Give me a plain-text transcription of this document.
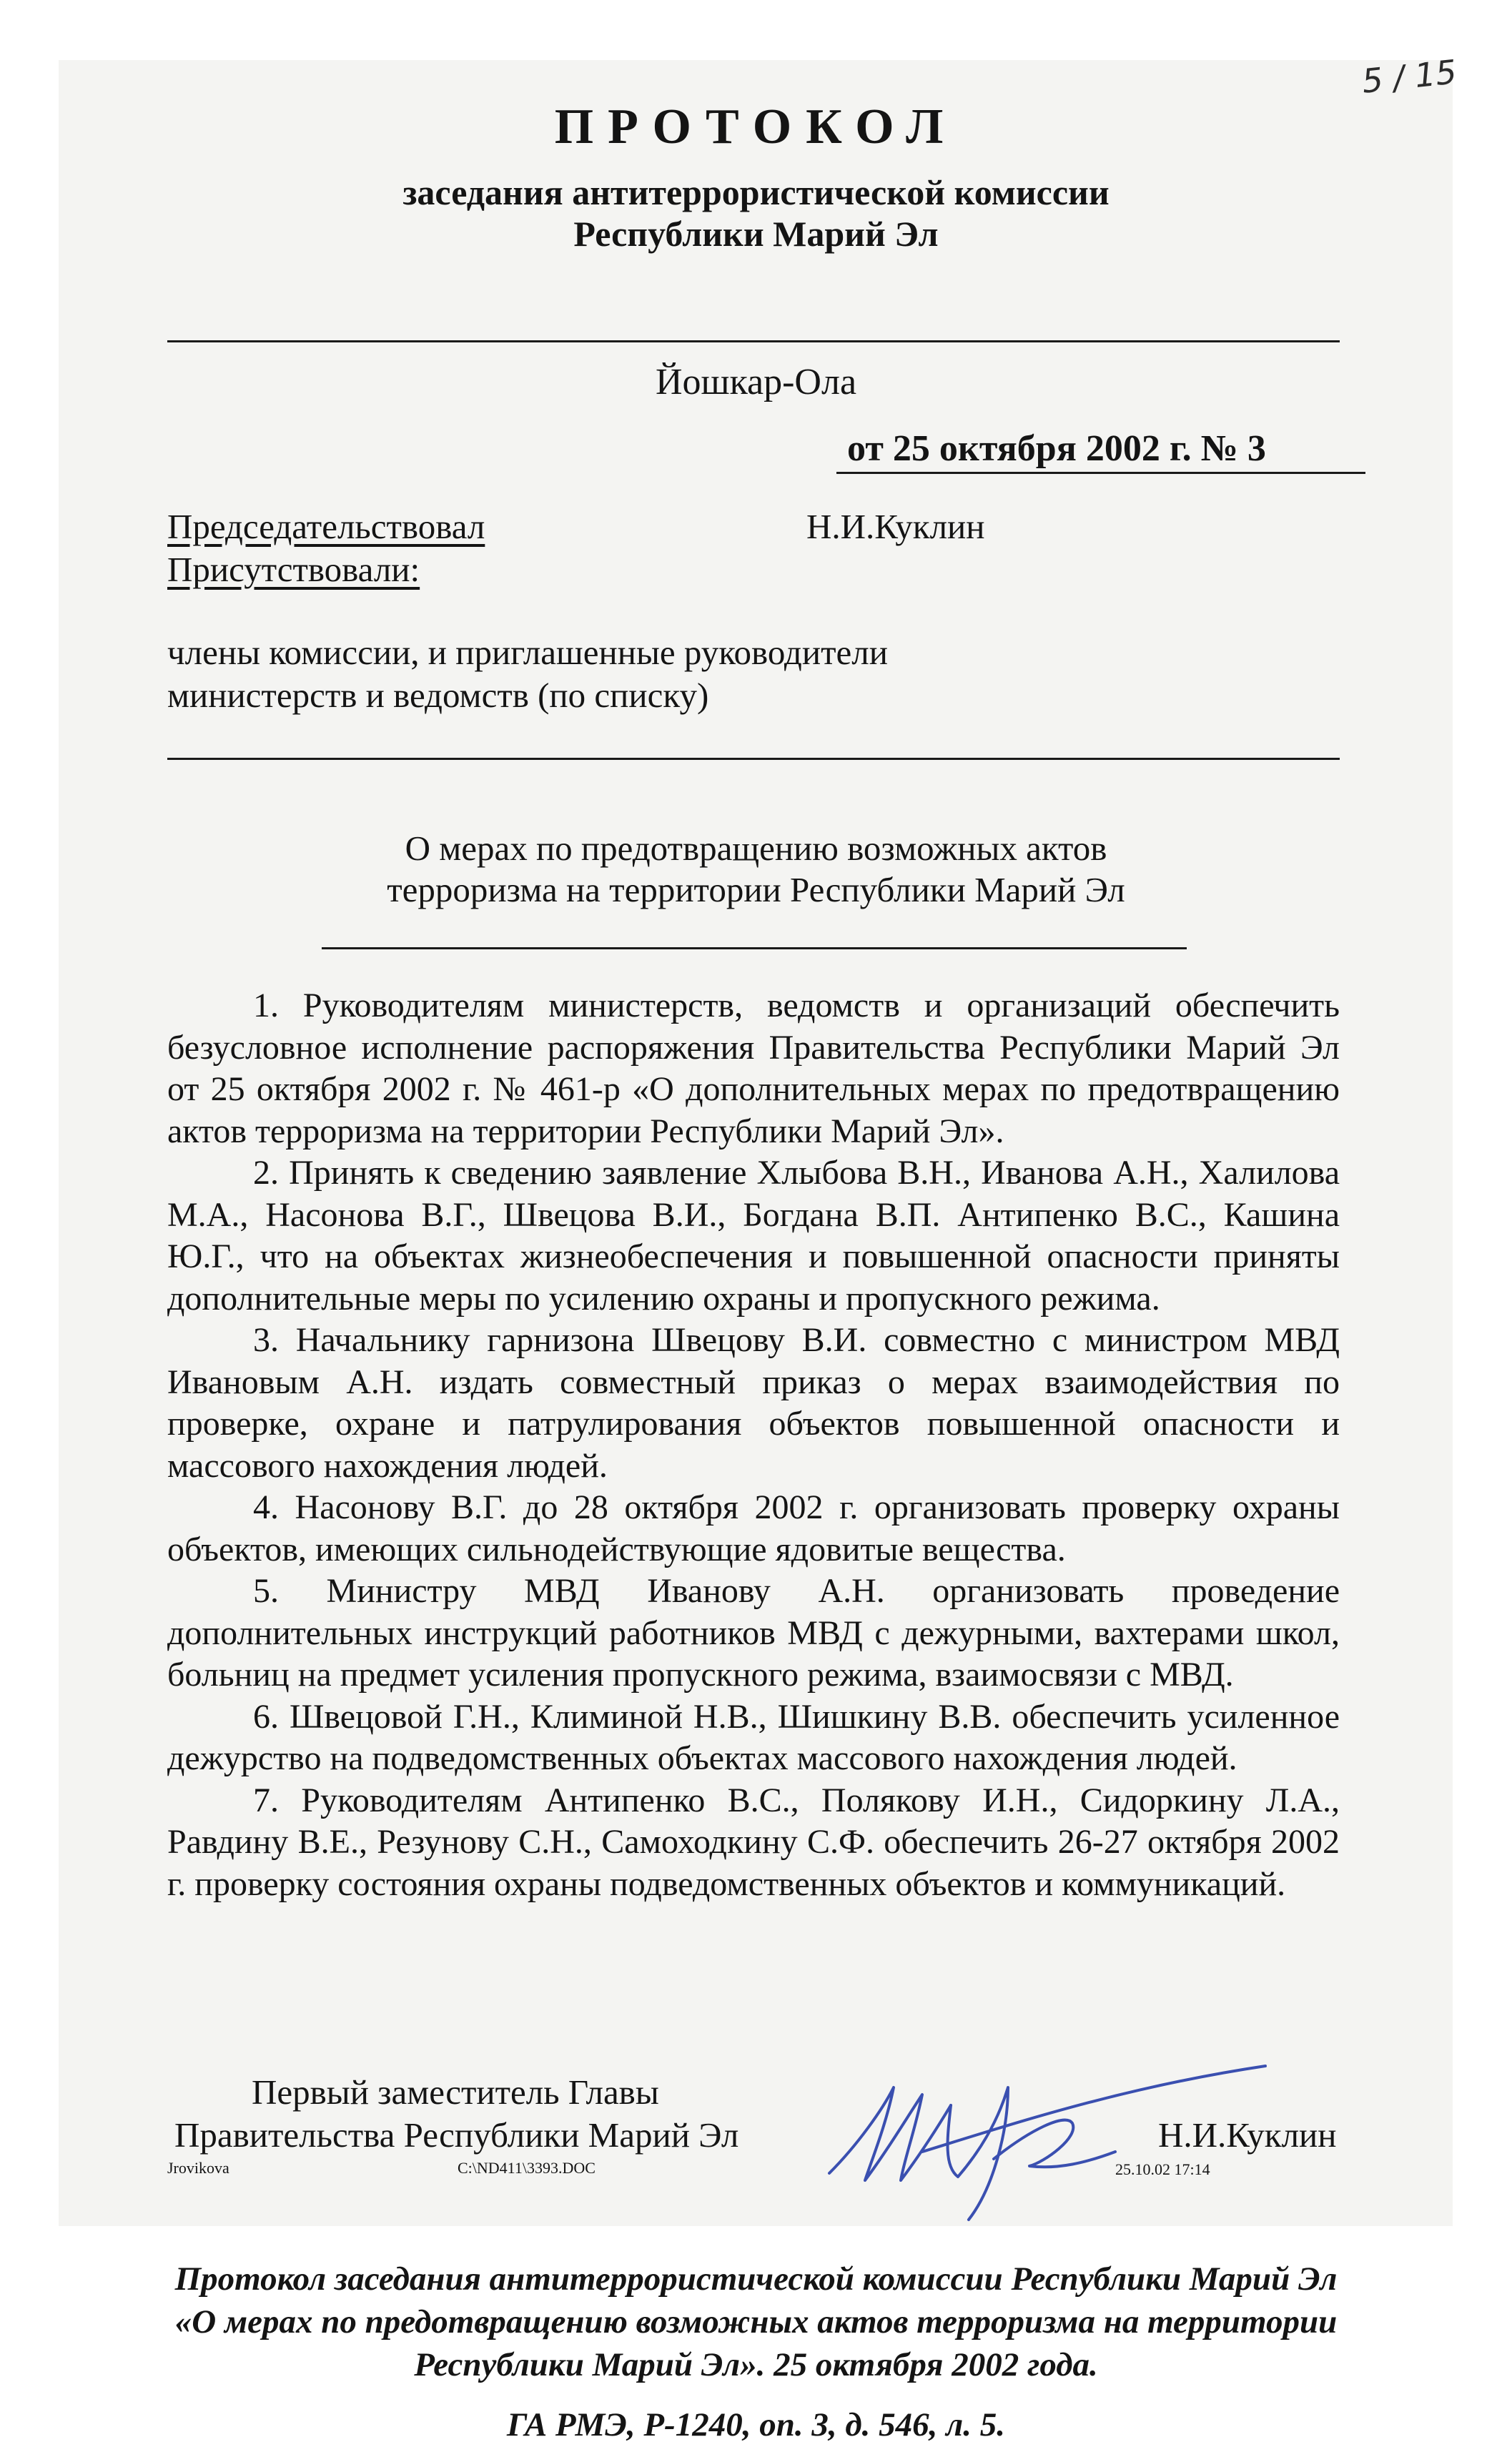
5 / 15
ПРОТОКОЛ
заседания антитеррористической комиссии
Республики Марий Эл
Йошкар-Ола
от 25 октября 2002 г. № 3
Председательствовал	Н.И.Куклин
Присутствовали:
члены комиссии, и приглашенные руководители
министерств и ведомств (по списку)
О мерах по предотвращению возможных актов
терроризма на территории Республики Марий Эл

1. Руководителям министерств, ведомств и организаций обеспечить безусловное исполнение распоряжения Правительства Республики Марий Эл от 25 октября 2002 г. № 461-р «О дополнительных мерах по предотвращению актов терроризма на территории Республики Марий Эл».

2. Принять к сведению заявление Хлыбова В.Н., Иванова А.Н., Халилова М.А., Насонова В.Г., Швецова В.И., Богдана В.П. Антипенко В.С., Кашина Ю.Г., что на объектах жизнеобеспечения и повышенной опасности приняты дополнительные меры по усилению охраны и пропускного режима.

3. Начальнику гарнизона Швецову В.И. совместно с министром МВД Ивановым А.Н. издать совместный приказ о мерах взаимодействия по проверке, охране и патрулирования объектов повышенной опасности и массового нахождения людей.

4. Насонову В.Г. до 28 октября 2002 г. организовать проверку охраны объектов, имеющих сильнодействующие ядовитые вещества.

5. Министру МВД Иванову А.Н. организовать проведение дополнительных инструкций работников МВД с дежурными, вахтерами школ, больниц на предмет усиления пропускного режима, взаимосвязи с МВД.

6. Швецовой Г.Н., Климиной Н.В., Шишкину В.В. обеспечить усиленное дежурство на подведомственных объектах массового нахождения людей.

7. Руководителям Антипенко В.С., Полякову И.Н., Сидоркину Л.А., Равдину В.Е., Резунову С.Н., Самоходкину С.Ф. обеспечить 26-27 октября 2002 г. проверку состояния охраны подведомственных объектов и коммуникаций.

Первый заместитель Главы
Правительства Республики Марий Эл	Н.И.Куклин
Jrovikova	C:\ND411\3393.DOC	25.10.02 17:14
Протокол заседания антитеррористической комиссии Республики Марий Эл
«О мерах по предотвращению возможных актов терроризма на территории
Республики Марий Эл». 25 октября 2002 года.
ГА РМЭ, Р-1240, оп. 3, д. 546, л. 5.
